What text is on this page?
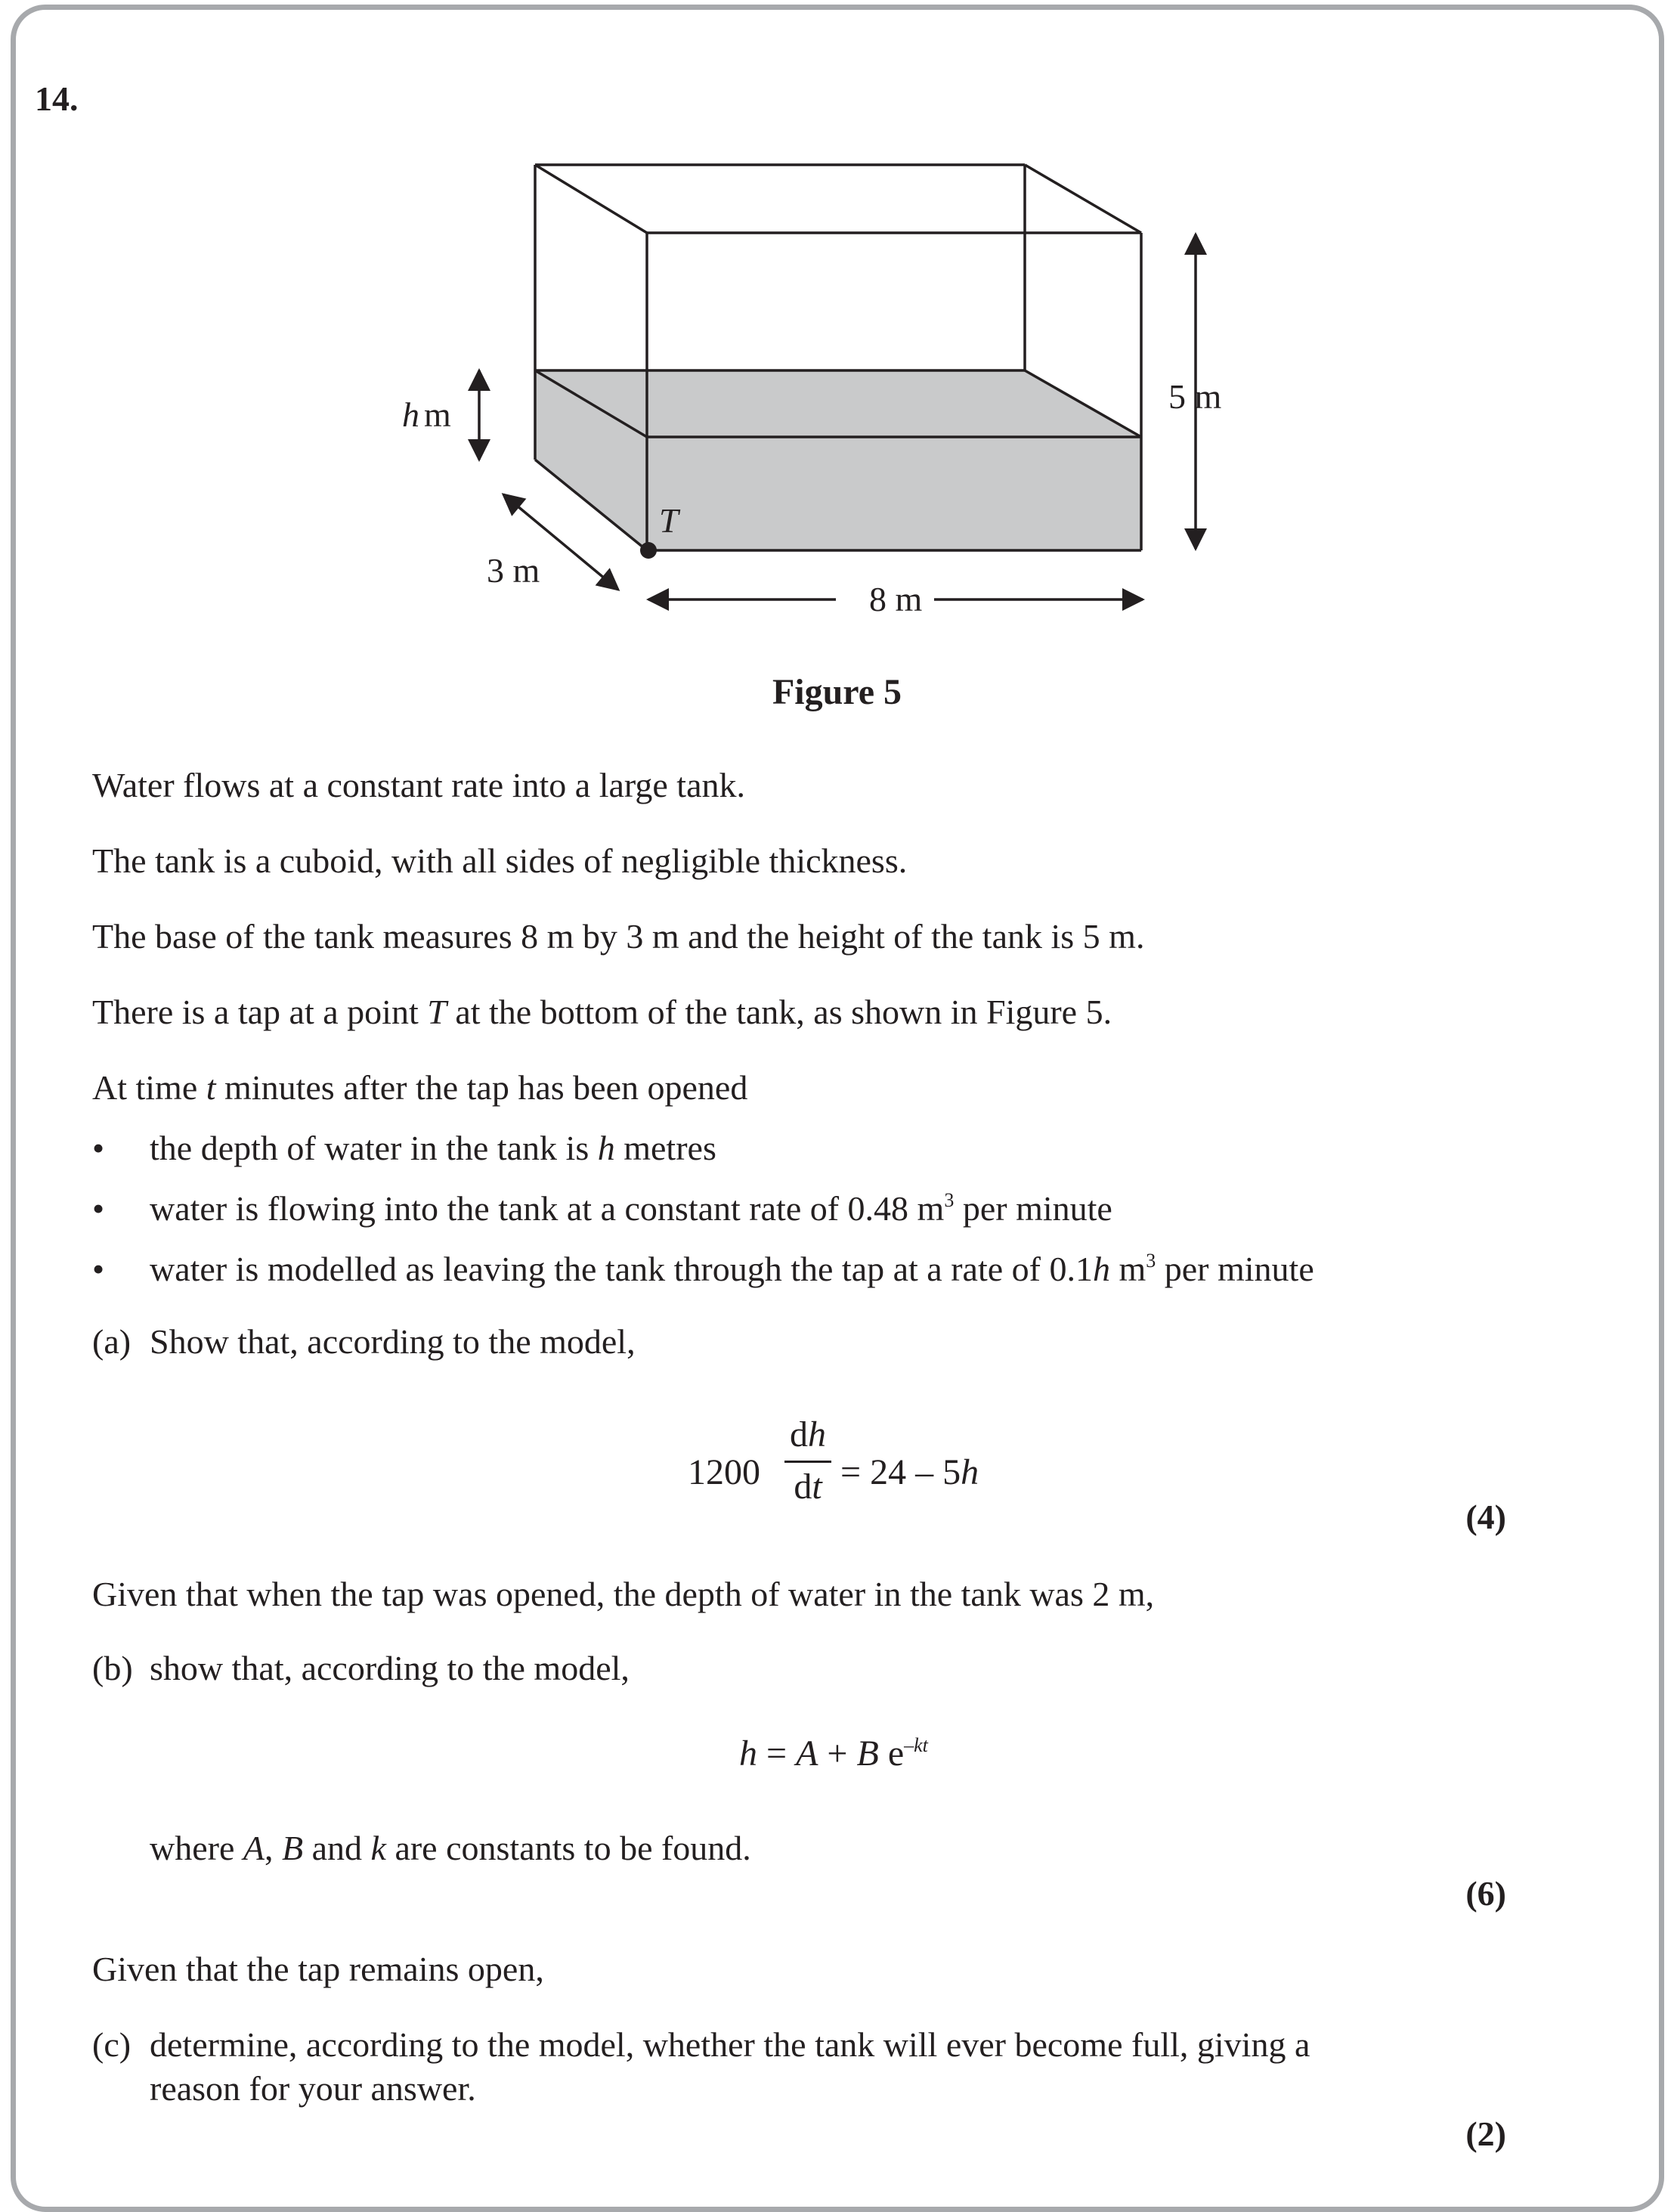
14.
h m	5 m
3 m
8 m
T
Figure 5
Water flows at a constant rate into a large tank.
The tank is a cuboid, with all sides of negligible thickness.
The base of the tank measures 8 m by 3 m and the height of the tank is 5 m.
There is a tap at a point T at the bottom of the tank, as shown in Figure 5.
At time t minutes after the tap has been opened
• the depth of water in the tank is h metres
• water is flowing into the tank at a constant rate of 0.48 $m^3$ per minute
• water is modelled as leaving the tank through the tap at a rate of 0.1h $m^3$ per minute
(a) Show that, according to the model,
1200
dh
dt = 24 – 5h
(4)
Given that when the tap was opened, the depth of water in the tank was 2 m,
(b) show that, according to the model,
h = A + B $e^{-kt}$
where A, B and k are constants to be found.
(6)
Given that the tap remains open,
(c) determine, according to the model, whether the tank will ever become full, giving a
reason for your answer.
(2)
